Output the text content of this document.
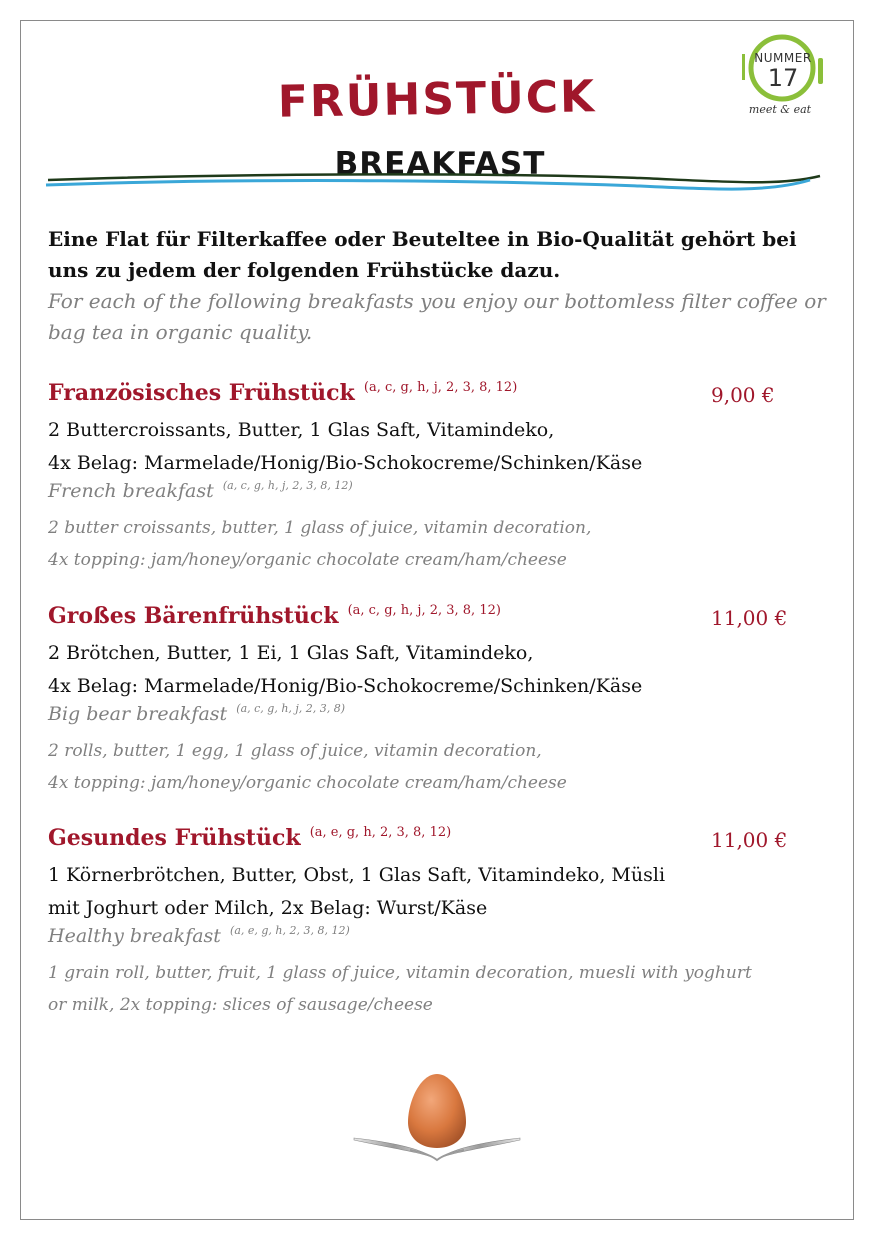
NUMMER
17
meet & eat
FRÜHSTÜCK
BREAKFAST
Eine Flat für Filterkaffee oder Beuteltee in Bio-Qualität gehört bei uns zu jedem der folgenden Frühstücke dazu.
For each of the following breakfasts you enjoy our bottomless filter coffee or bag tea in organic quality.
Französisches Frühstück $^{(a, c, g, h, j, 2, 3, 8, 12)}$	9,00 €
2 Buttercroissants, Butter, 1 Glas Saft, Vitamindeko,
4x Belag: Marmelade/Honig/Bio-Schokocreme/Schinken/Käse
French breakfast $^{(a, c, g, h, j, 2, 3, 8, 12)}$
2 butter croissants, butter, 1 glass of juice, vitamin decoration,
4x topping: jam/honey/organic chocolate cream/ham/cheese
Großes Bärenfrühstück $^{(a, c, g, h, j, 2, 3, 8, 12)}$	11,00 €
2 Brötchen, Butter, 1 Ei, 1 Glas Saft, Vitamindeko,
4x Belag: Marmelade/Honig/Bio-Schokocreme/Schinken/Käse
Big bear breakfast $^{(a, c, g, h, j, 2, 3, 8)}$
2 rolls, butter, 1 egg, 1 glass of juice, vitamin decoration,
4x topping: jam/honey/organic chocolate cream/ham/cheese
Gesundes Frühstück $^{(a, e, g, h, 2, 3, 8, 12)}$	11,00 €
1 Körnerbrötchen, Butter, Obst, 1 Glas Saft, Vitamindeko, Müsli
mit Joghurt oder Milch, 2x Belag: Wurst/Käse
Healthy breakfast $^{(a, e, g, h, 2, 3, 8, 12)}$
1 grain roll, butter, fruit, 1 glass of juice, vitamin decoration, muesli with yoghurt
or milk, 2x topping: slices of sausage/cheese
